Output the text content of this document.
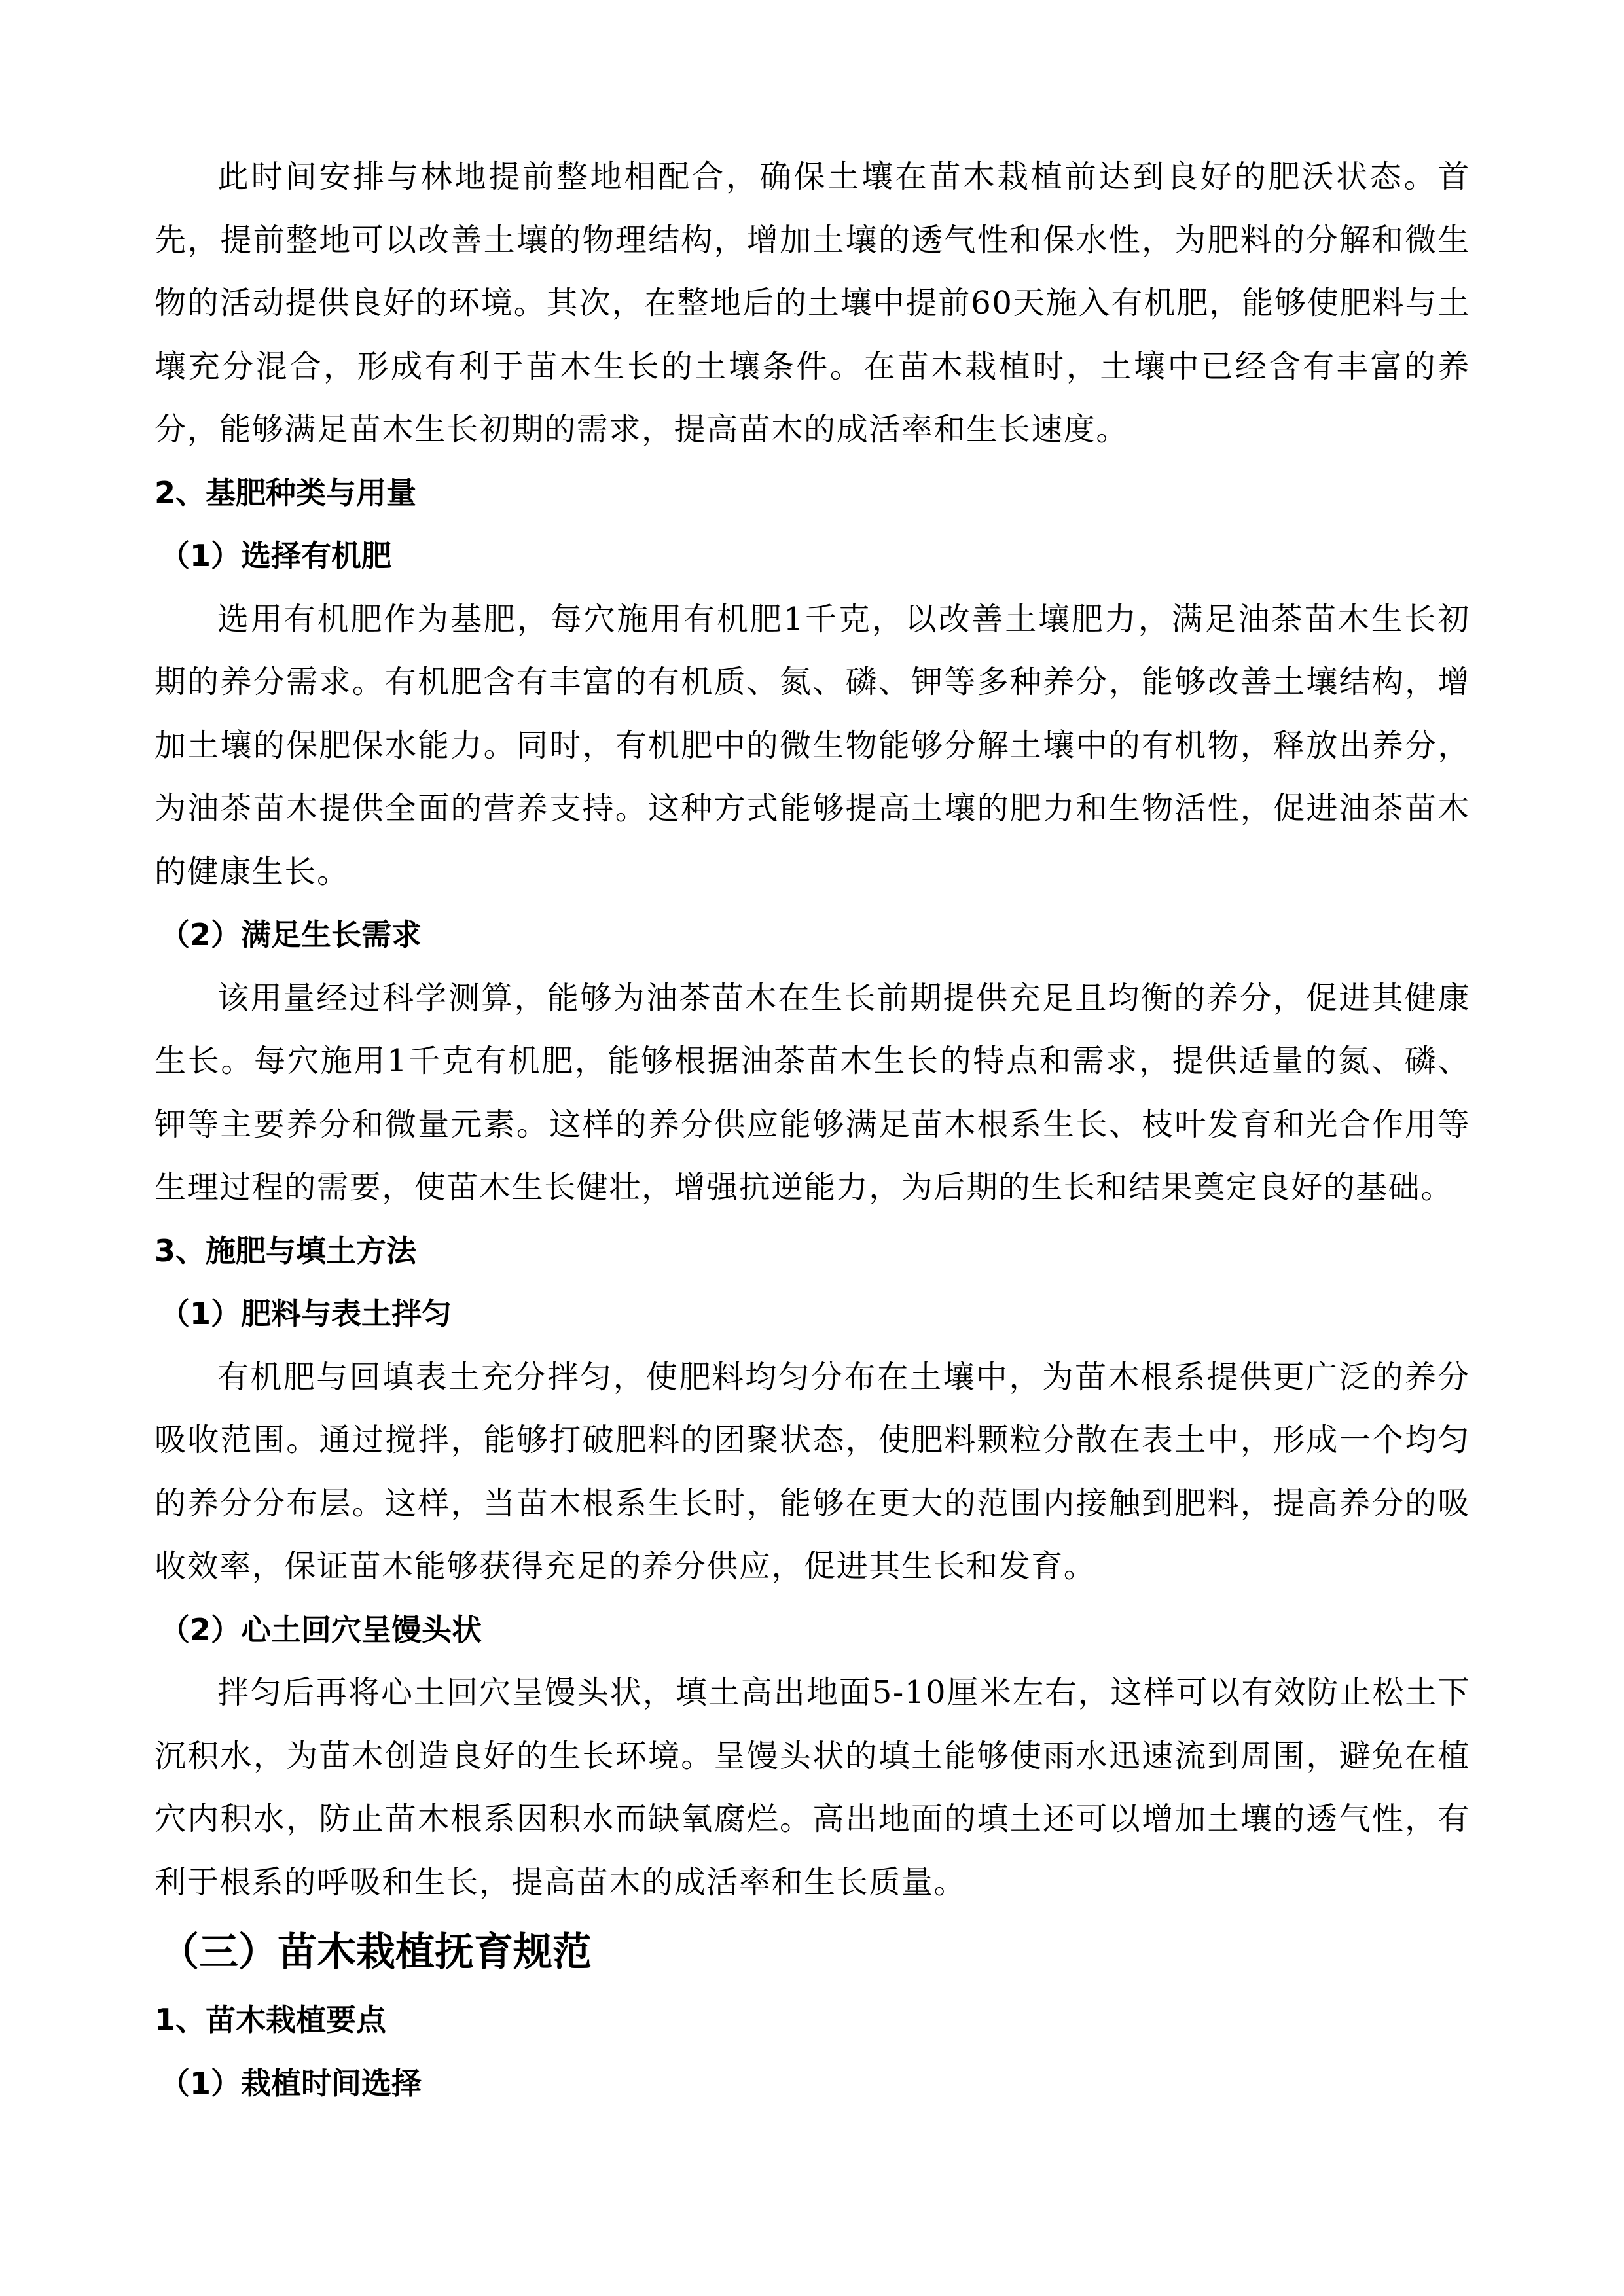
此时间安排与林地提前整地相配合，确保土壤在苗木栽植前达到良好的肥沃状态。首先，提前整地可以改善土壤的物理结构，增加土壤的透气性和保水性，为肥料的分解和微生物的活动提供良好的环境。其次，在整地后的土壤中提前60天施入有机肥，能够使肥料与土壤充分混合，形成有利于苗木生长的土壤条件。在苗木栽植时，土壤中已经含有丰富的养分，能够满足苗木生长初期的需求，提高苗木的成活率和生长速度。

2、基肥种类与用量

（1）选择有机肥

选用有机肥作为基肥，每穴施用有机肥1千克，以改善土壤肥力，满足油茶苗木生长初期的养分需求。有机肥含有丰富的有机质、氮、磷、钾等多种养分，能够改善土壤结构，增加土壤的保肥保水能力。同时，有机肥中的微生物能够分解土壤中的有机物，释放出养分，为油茶苗木提供全面的营养支持。这种方式能够提高土壤的肥力和生物活性，促进油茶苗木的健康生长。

（2）满足生长需求

该用量经过科学测算，能够为油茶苗木在生长前期提供充足且均衡的养分，促进其健康生长。每穴施用1千克有机肥，能够根据油茶苗木生长的特点和需求，提供适量的氮、磷、钾等主要养分和微量元素。这样的养分供应能够满足苗木根系生长、枝叶发育和光合作用等生理过程的需要，使苗木生长健壮，增强抗逆能力，为后期的生长和结果奠定良好的基础。

3、施肥与填土方法

（1）肥料与表土拌匀

有机肥与回填表土充分拌匀，使肥料均匀分布在土壤中，为苗木根系提供更广泛的养分吸收范围。通过搅拌，能够打破肥料的团聚状态，使肥料颗粒分散在表土中，形成一个均匀的养分分布层。这样，当苗木根系生长时，能够在更大的范围内接触到肥料，提高养分的吸收效率，保证苗木能够获得充足的养分供应，促进其生长和发育。

（2）心土回穴呈馒头状

拌匀后再将心土回穴呈馒头状，填土高出地面5-10厘米左右，这样可以有效防止松土下沉积水，为苗木创造良好的生长环境。呈馒头状的填土能够使雨水迅速流到周围，避免在植穴内积水，防止苗木根系因积水而缺氧腐烂。高出地面的填土还可以增加土壤的透气性，有利于根系的呼吸和生长，提高苗木的成活率和生长质量。

（三）苗木栽植抚育规范

1、苗木栽植要点

（1）栽植时间选择
